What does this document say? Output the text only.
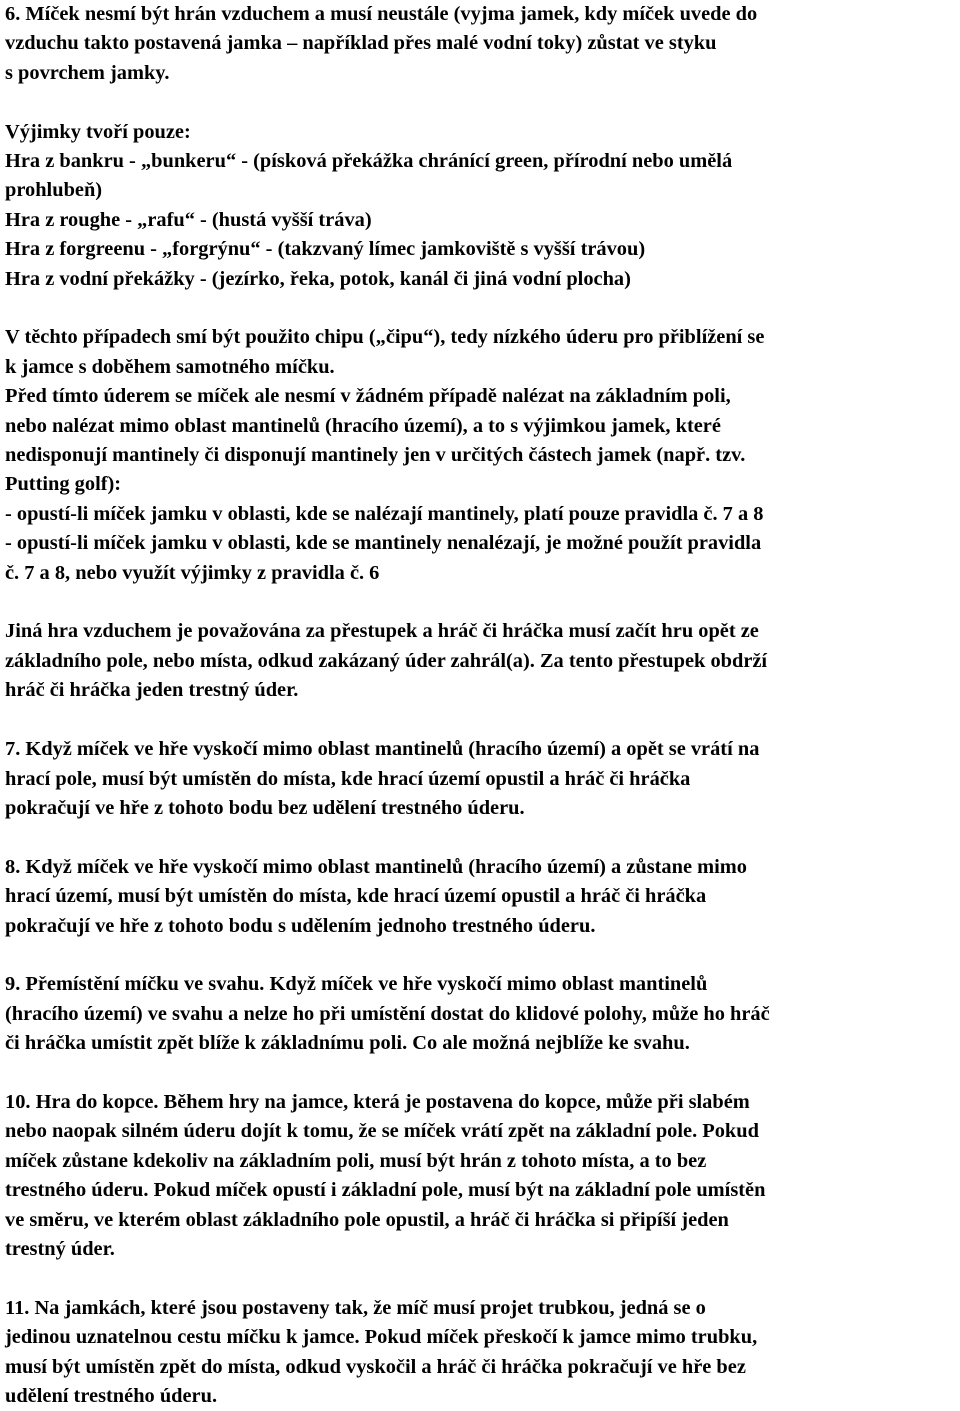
6. Míček nesmí být hrán vzduchem a musí neustále (vyjma jamek, kdy míček uvede do
vzduchu takto postavená jamka – například přes malé vodní toky) zůstat ve styku
s povrchem jamky.

Výjimky tvoří pouze:
Hra z bankru - „bunkeru“ - (písková překážka chránící green, přírodní nebo umělá
prohlubeň)
Hra z roughe - „rafu“ - (hustá vyšší tráva)
Hra z forgreenu - „forgrýnu“ - (takzvaný límec jamkoviště s vyšší trávou)
Hra z vodní překážky - (jezírko, řeka, potok, kanál či jiná vodní plocha)

V těchto případech smí být použito chipu („čipu“), tedy nízkého úderu pro přiblížení se
k jamce s doběhem samotného míčku.
Před tímto úderem se míček ale nesmí v žádném případě nalézat na základním poli,
nebo nalézat mimo oblast mantinelů (hracího území), a to s výjimkou jamek, které
nedisponují mantinely či disponují mantinely jen v určitých částech jamek (např. tzv.
Putting golf):
- opustí-li míček jamku v oblasti, kde se nalézají mantinely, platí pouze pravidla č. 7 a 8
- opustí-li míček jamku v oblasti, kde se mantinely nenalézají, je možné použít pravidla
č. 7 a 8, nebo využít výjimky z pravidla č. 6

Jiná hra vzduchem je považována za přestupek a hráč či hráčka musí začít hru opět ze
základního pole, nebo místa, odkud zakázaný úder zahrál(a). Za tento přestupek obdrží
hráč či hráčka jeden trestný úder.

7. Když míček ve hře vyskočí mimo oblast mantinelů (hracího území) a opět se vrátí na
hrací pole, musí být umístěn do místa, kde hrací území opustil a hráč či hráčka
pokračují ve hře z tohoto bodu bez udělení trestného úderu.

8. Když míček ve hře vyskočí mimo oblast mantinelů (hracího území) a zůstane mimo
hrací území, musí být umístěn do místa, kde hrací území opustil a hráč či hráčka
pokračují ve hře z tohoto bodu s udělením jednoho trestného úderu.

9. Přemístění míčku ve svahu. Když míček ve hře vyskočí mimo oblast mantinelů
(hracího území) ve svahu a nelze ho při umístění dostat do klidové polohy, může ho hráč
či hráčka umístit zpět blíže k základnímu poli. Co ale možná nejblíže ke svahu.

10. Hra do kopce. Během hry na jamce, která je postavena do kopce, může při slabém
nebo naopak silném úderu dojít k tomu, že se míček vrátí zpět na základní pole. Pokud
míček zůstane kdekoliv na základním poli, musí být hrán z tohoto místa, a to bez
trestného úderu. Pokud míček opustí i základní pole, musí být na základní pole umístěn
ve směru, ve kterém oblast základního pole opustil, a hráč či hráčka si připíší jeden
trestný úder.

11. Na jamkách, které jsou postaveny tak, že míč musí projet trubkou, jedná se o
jedinou uznatelnou cestu míčku k jamce. Pokud míček přeskočí k jamce mimo trubku,
musí být umístěn zpět do místa, odkud vyskočil a hráč či hráčka pokračují ve hře bez
udělení trestného úderu.
